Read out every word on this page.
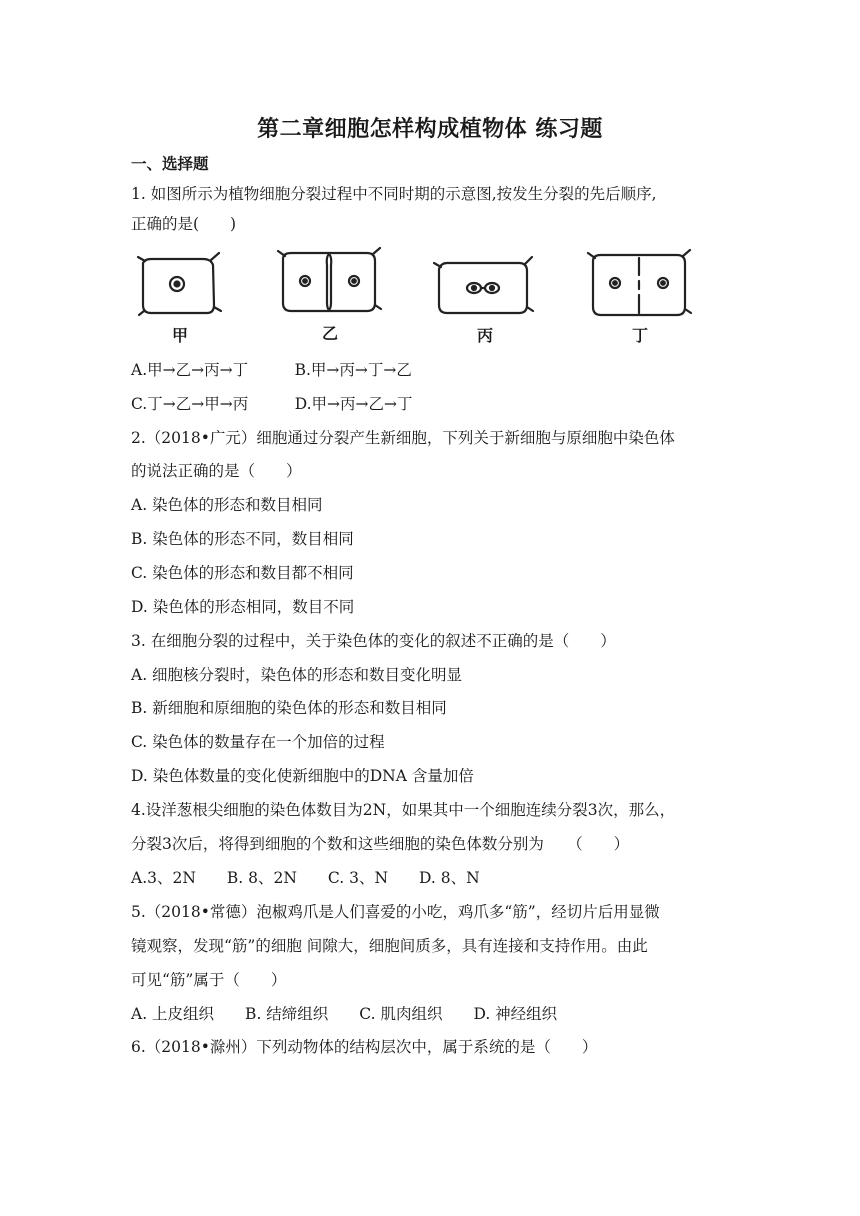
第二章细胞怎样构成植物体 练习题
一、选择题
1. 如图所示为植物细胞分裂过程中不同时期的示意图,按发生分裂的先后顺序,
正确的是(　　)
甲	乙	丙	丁
A.甲→乙→丙→丁　　　B.甲→丙→丁→乙
C.丁→乙→甲→丙　　　D.甲→丙→乙→丁
2.（2018•广元）细胞通过分裂产生新细胞，下列关于新细胞与原细胞中染色体
的说法正确的是（　　）
A. 染色体的形态和数目相同
B. 染色体的形态不同，数目相同
C. 染色体的形态和数目都不相同
D. 染色体的形态相同，数目不同
3. 在细胞分裂的过程中，关于染色体的变化的叙述不正确的是（　　）
A. 细胞核分裂时，染色体的形态和数目变化明显
B. 新细胞和原细胞的染色体的形态和数目相同
C. 染色体的数量存在一个加倍的过程
D. 染色体数量的变化使新细胞中的DNA 含量加倍
4.设洋葱根尖细胞的染色体数目为2N，如果其中一个细胞连续分裂3次，那么，
分裂3次后，将得到细胞的个数和这些细胞的染色体数分别为　　（　　）
A.3、2N　　B. 8、2N　　C. 3、N　　D. 8、N
5.（2018•常德）泡椒鸡爪是人们喜爱的小吃，鸡爪多“筋”，经切片后用显微
镜观察，发现“筋”的细胞 间隙大，细胞间质多，具有连接和支持作用。由此
可见“筋”属于（　　）
A. 上皮组织　　B. 结缔组织　　C. 肌肉组织　　D. 神经组织
6.（2018•滁州）下列动物体的结构层次中，属于系统的是（　　）
